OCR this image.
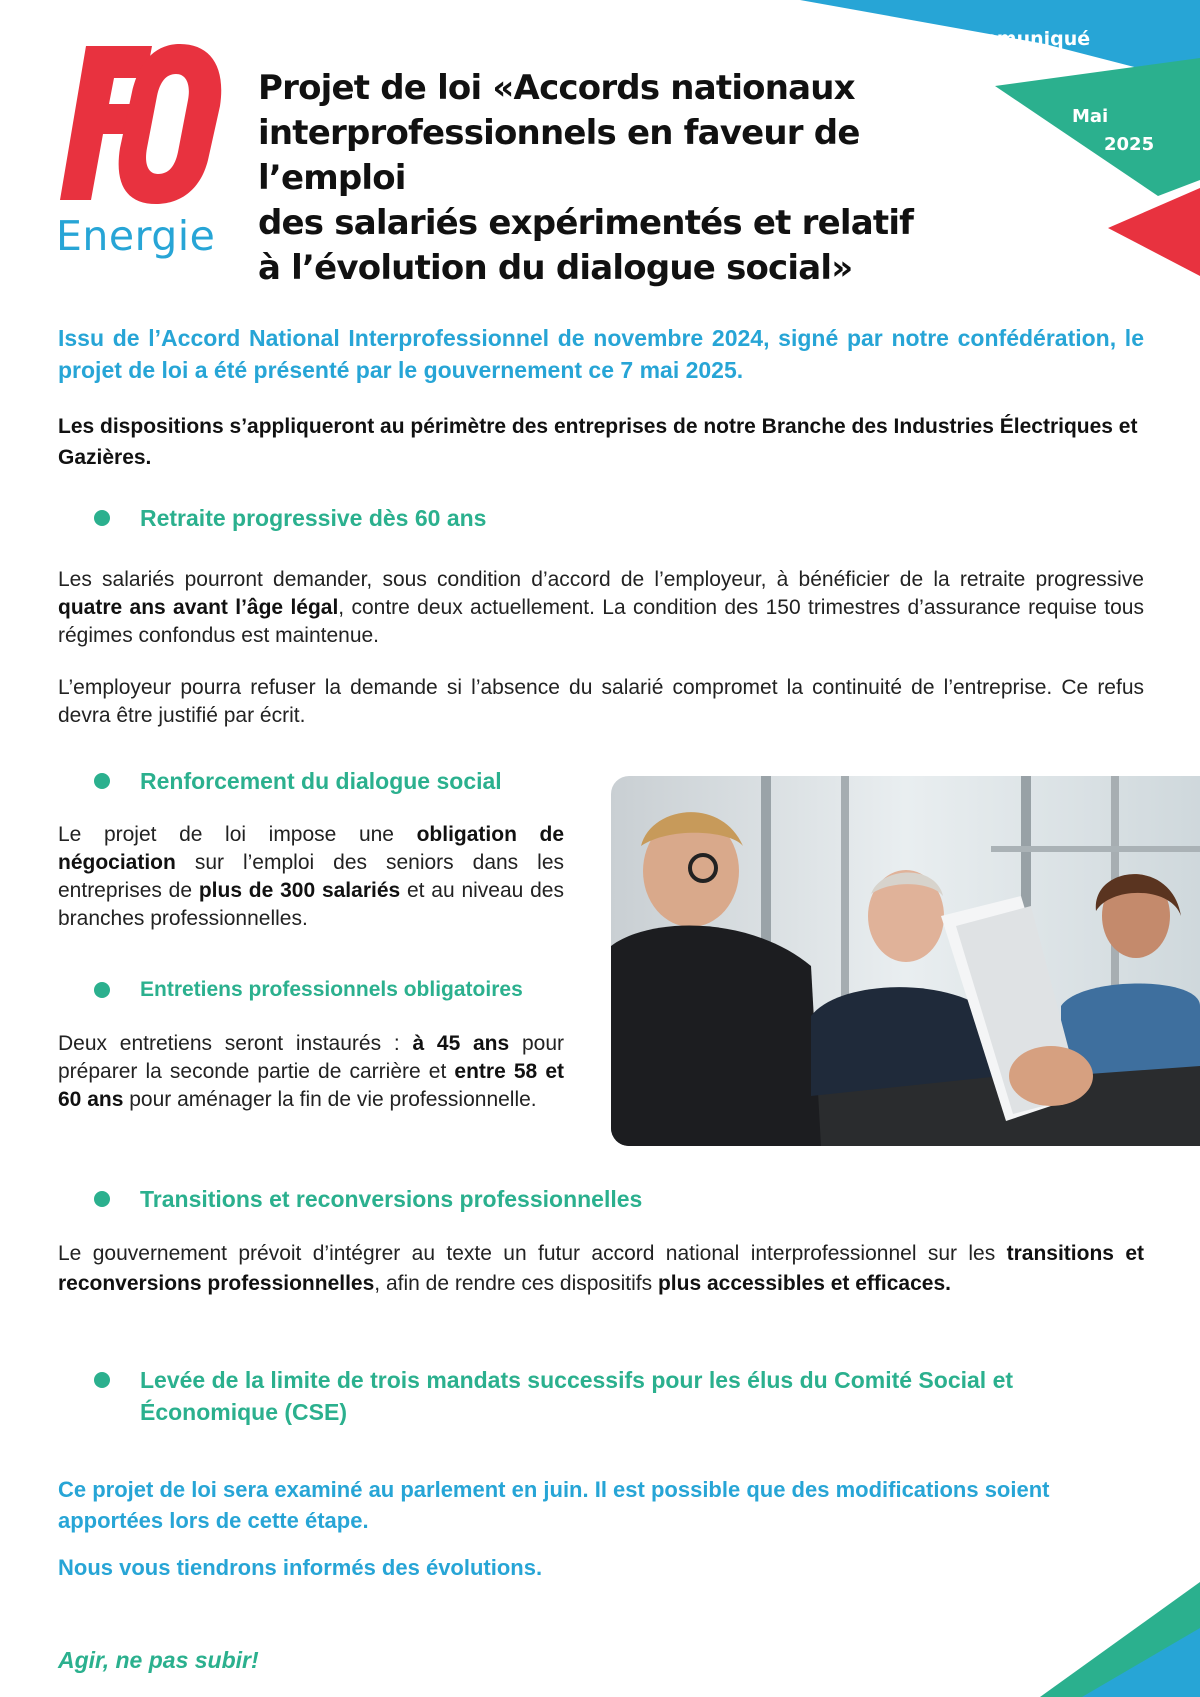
Communiqué
Mai
2025
Energie
Projet de loi «Accords nationaux
interprofessionnels en faveur de l’emploi
des salariés expérimentés et relatif
à l’évolution du dialogue social»

Issu de l’Accord National Interprofessionnel de novembre 2024, signé par notre confédération, le projet de loi a été présenté par le gouvernement ce 7 mai 2025.

Les dispositions s’appliqueront au périmètre des entreprises de notre Branche des Industries Électriques et Gazières.

Retraite progressive dès 60 ans

Les salariés pourront demander, sous condition d’accord de l’employeur, à bénéficier de la retraite progressive quatre ans avant l’âge légal, contre deux actuellement. La condition des 150 trimestres d’assurance requise tous régimes confondus est maintenue.

L’employeur pourra refuser la demande si l’absence du salarié compromet la continuité de l’entreprise. Ce refus devra être justifié par écrit.

Renforcement du dialogue social

Le projet de loi impose une obligation de négociation sur l’emploi des seniors dans les entreprises de plus de 300 salariés et au niveau des branches professionnelles.

Entretiens professionnels obligatoires

Deux entretiens seront instaurés : à 45 ans pour préparer la seconde partie de carrière et entre 58 et 60 ans pour aménager la fin de vie professionnelle.

Transitions et reconversions professionnelles

Le gouvernement prévoit d’intégrer au texte un futur accord national interprofessionnel sur les transitions et reconversions professionnelles, afin de rendre ces dispositifs plus accessibles et efficaces.

Levée de la limite de trois mandats successifs pour les élus du Comité Social et Économique (CSE)

Ce projet de loi sera examiné au parlement en juin. Il est possible que des modifications soient apportées lors de cette étape.

Nous vous tiendrons informés des évolutions.

Agir, ne pas subir!
